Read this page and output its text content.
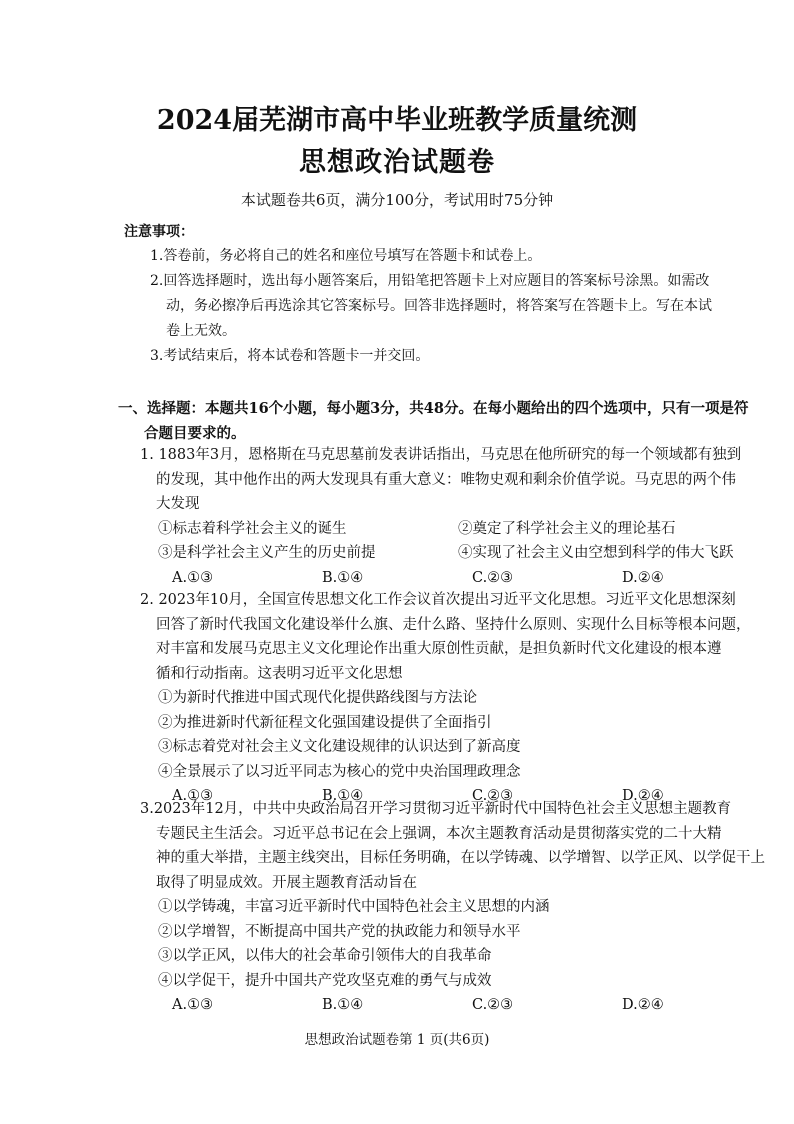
2024届芜湖市高中毕业班教学质量统测
思想政治试题卷
本试题卷共6页，满分100分，考试用时75分钟
注意事项：
1.答卷前，务必将自己的姓名和座位号填写在答题卡和试卷上。
2.回答选择题时，选出每小题答案后，用铅笔把答题卡上对应题目的答案标号涂黑。如需改
动，务必擦净后再选涂其它答案标号。回答非选择题时，将答案写在答题卡上。写在本试
卷上无效。
3.考试结束后，将本试卷和答题卡一并交回。
一、选择题：本题共16个小题，每小题3分，共48分。在每小题给出的四个选项中，只有一项是符
合题目要求的。
1. 1883年3月，恩格斯在马克思墓前发表讲话指出，马克思在他所研究的每一个领域都有独到
的发现，其中他作出的两大发现具有重大意义：唯物史观和剩余价值学说。马克思的两个伟
大发现
①标志着科学社会主义的诞生	②奠定了科学社会主义的理论基石
③是科学社会主义产生的历史前提	④实现了社会主义由空想到科学的伟大飞跃
A.①③	B.①④	C.②③	D.②④
2. 2023年10月，全国宣传思想文化工作会议首次提出习近平文化思想。习近平文化思想深刻
回答了新时代我国文化建设举什么旗、走什么路、坚持什么原则、实现什么目标等根本问题，
对丰富和发展马克思主义文化理论作出重大原创性贡献，是担负新时代文化建设的根本遵
循和行动指南。这表明习近平文化思想
①为新时代推进中国式现代化提供路线图与方法论
②为推进新时代新征程文化强国建设提供了全面指引
③标志着党对社会主义文化建设规律的认识达到了新高度
④全景展示了以习近平同志为核心的党中央治国理政理念
A.①③	B.①④	C.②③	D.②④
3.2023年12月，中共中央政治局召开学习贯彻习近平新时代中国特色社会主义思想主题教育
专题民主生活会。习近平总书记在会上强调，本次主题教育活动是贯彻落实党的二十大精
神的重大举措，主题主线突出，目标任务明确，在以学铸魂、以学增智、以学正风、以学促干上
取得了明显成效。开展主题教育活动旨在
①以学铸魂，丰富习近平新时代中国特色社会主义思想的内涵
②以学增智，不断提高中国共产党的执政能力和领导水平
③以学正风，以伟大的社会革命引领伟大的自我革命
④以学促干，提升中国共产党攻坚克难的勇气与成效
A.①③	B.①④	C.②③	D.②④
思想政治试题卷第 1 页(共6页)
